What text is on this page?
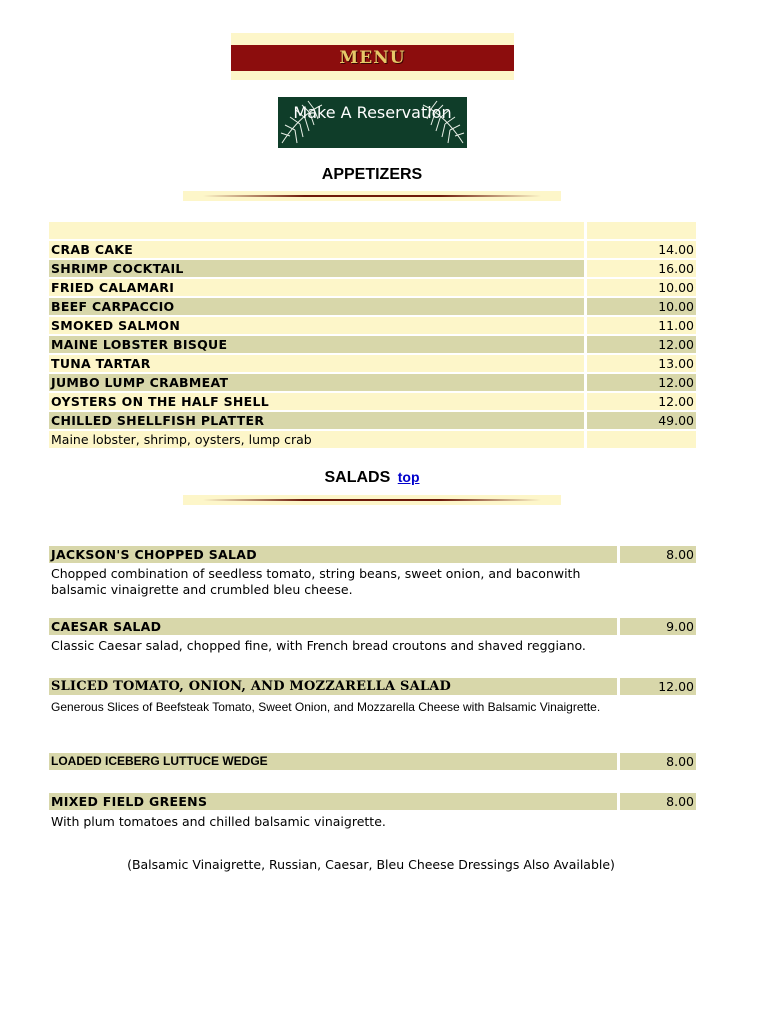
MENU
Make A Reservation
APPETIZERS
CRAB CAKE	14.00
SHRIMP COCKTAIL	16.00
FRIED CALAMARI	10.00
BEEF CARPACCIO	10.00
SMOKED SALMON	11.00
MAINE LOBSTER BISQUE	12.00
TUNA TARTAR	13.00
JUMBO LUMP CRABMEAT	12.00
OYSTERS ON THE HALF SHELL	12.00
CHILLED SHELLFISH PLATTER	49.00
Maine lobster, shrimp, oysters, lump crab
SALADS top
JACKSON'S CHOPPED SALAD	8.00
Chopped combination of seedless tomato, string beans, sweet onion, and baconwith balsamic vinaigrette and crumbled bleu cheese.
CAESAR SALAD	9.00
Classic Caesar salad, chopped fine, with French bread croutons and shaved reggiano.
SLICED TOMATO, ONION, AND MOZZARELLA SALAD	12.00
Generous Slices of Beefsteak Tomato, Sweet Onion, and Mozzarella Cheese with Balsamic Vinaigrette.
LOADED ICEBERG LUTTUCE WEDGE	8.00
MIXED FIELD GREENS	8.00
With plum tomatoes and chilled balsamic vinaigrette.
(Balsamic Vinaigrette, Russian, Caesar, Bleu Cheese Dressings Also Available)
